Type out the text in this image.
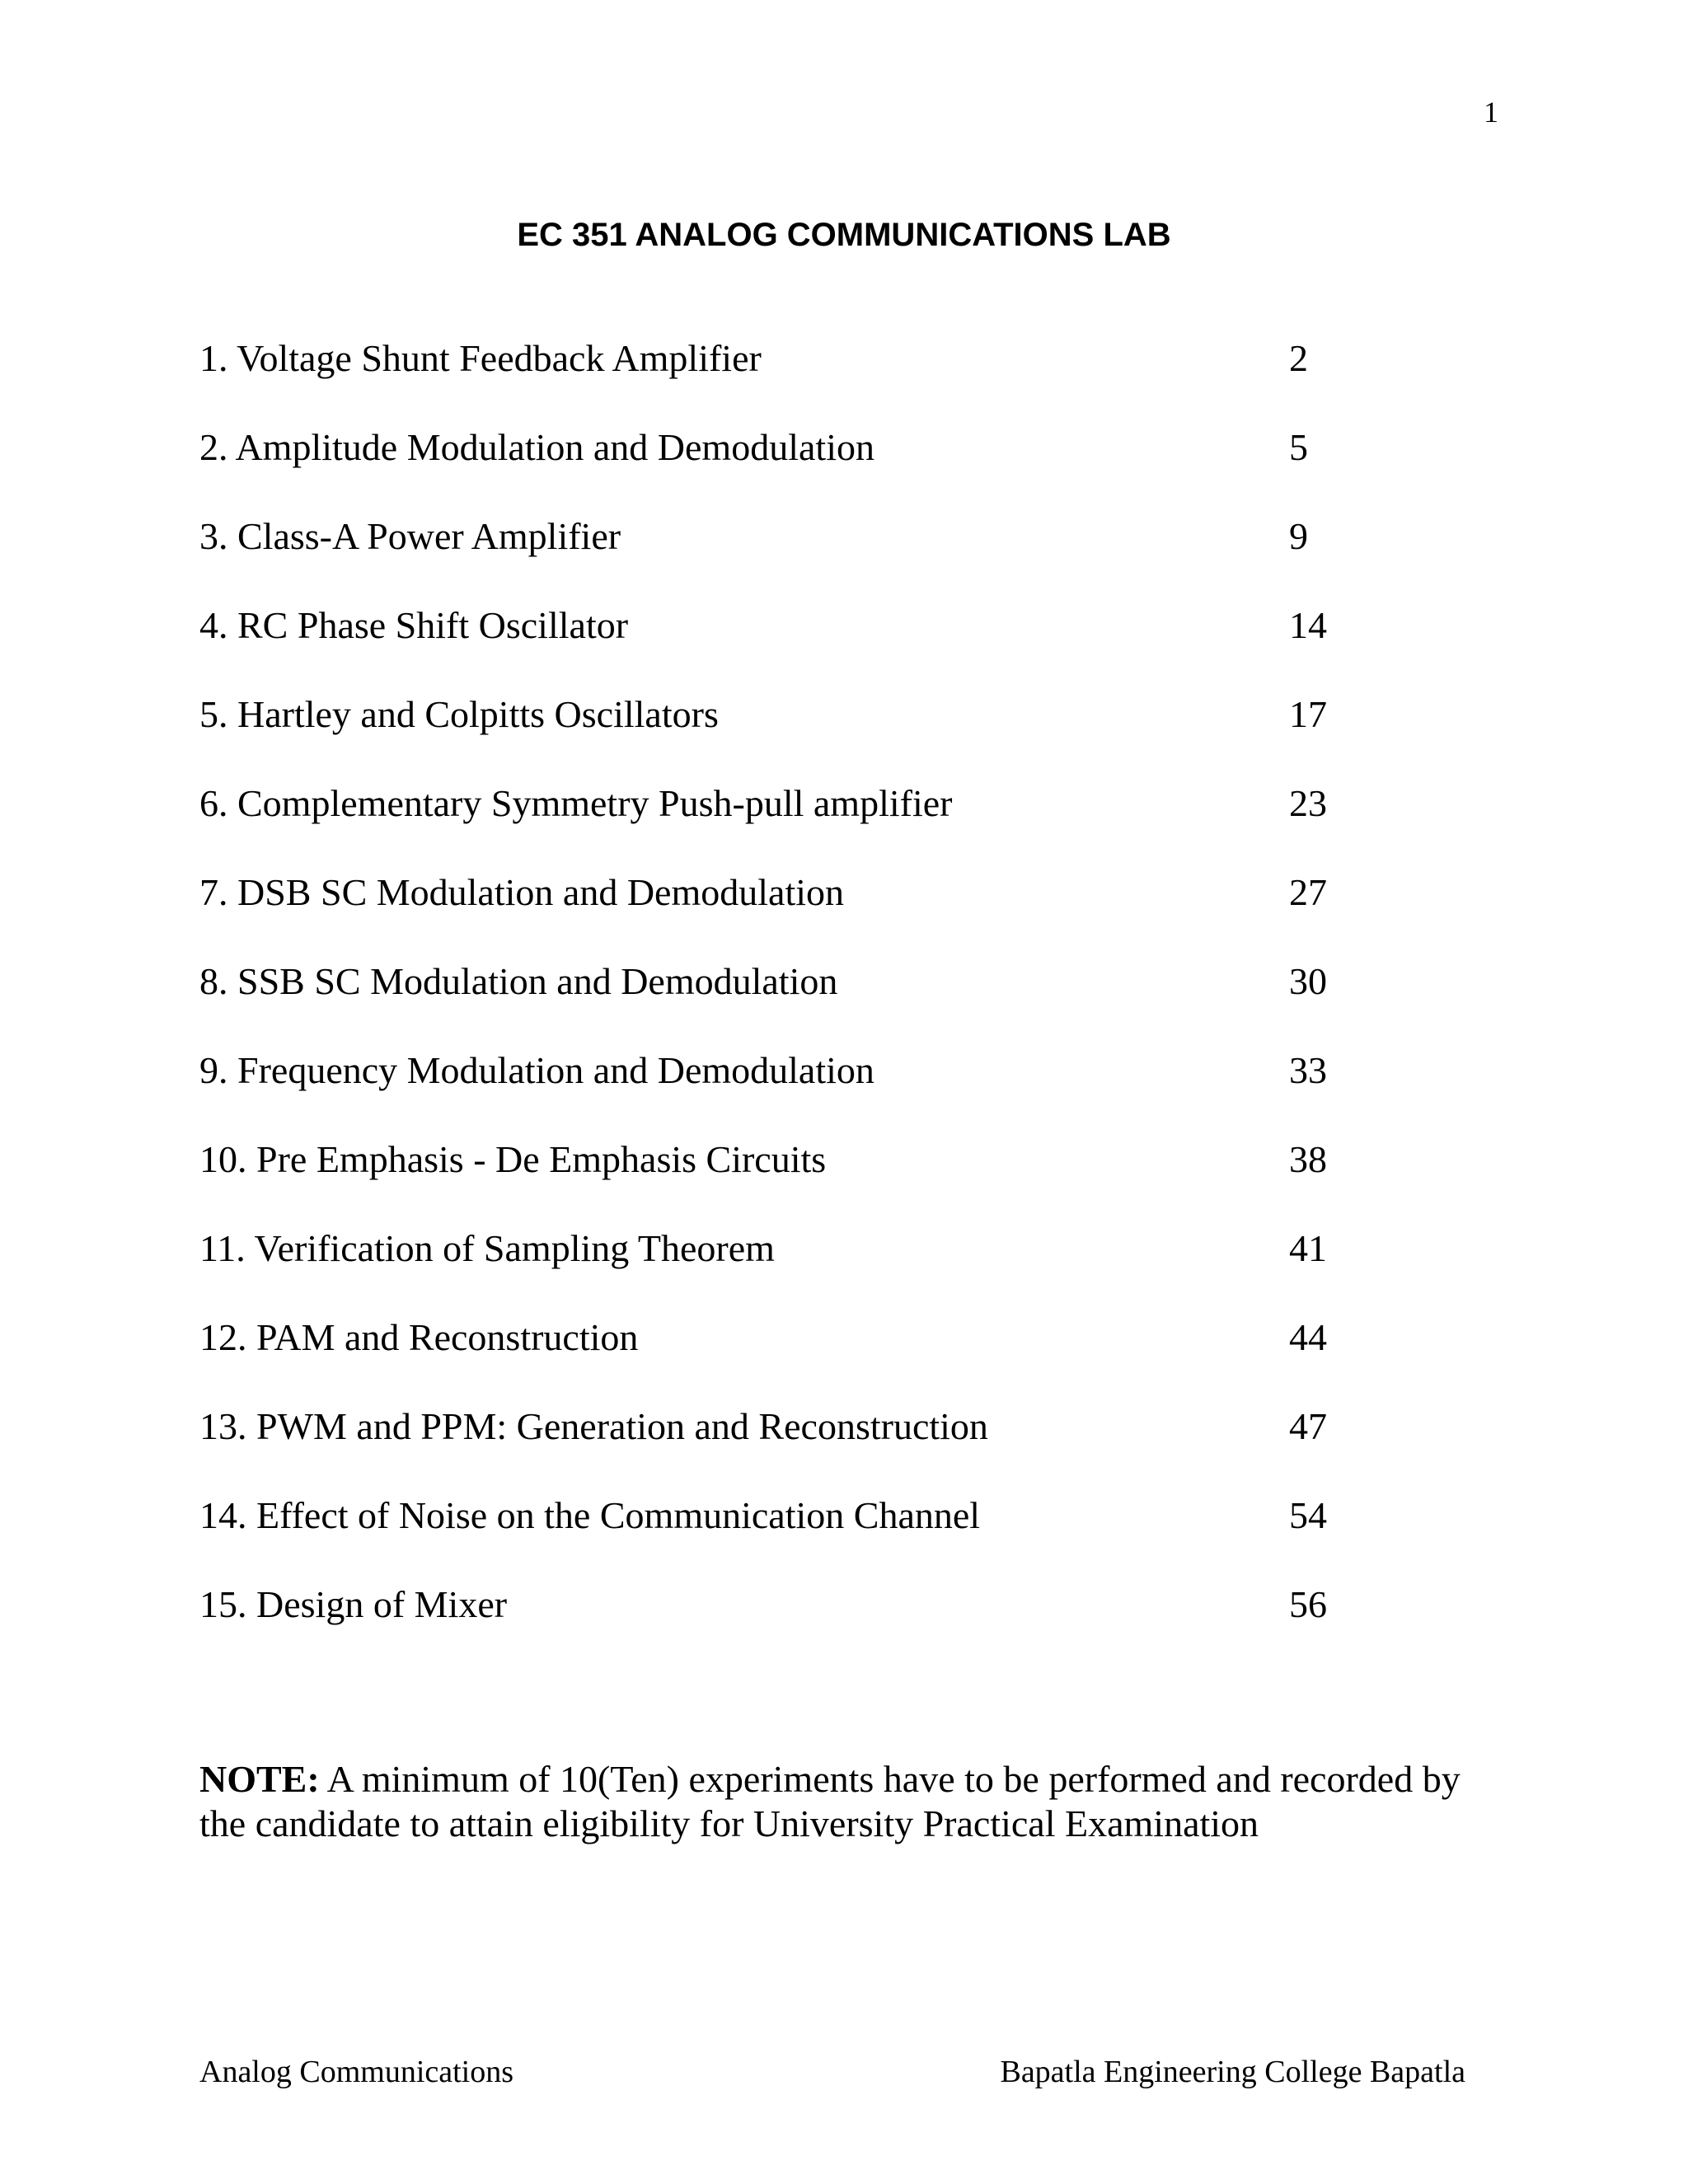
1
EC 351 ANALOG COMMUNICATIONS LAB
1. Voltage Shunt Feedback Amplifier	2
2. Amplitude Modulation and Demodulation	5
3. Class-A Power Amplifier	9
4. RC Phase Shift Oscillator	14
5. Hartley and Colpitts Oscillators	17
6. Complementary Symmetry Push-pull amplifier	23
7. DSB SC Modulation and Demodulation	27
8. SSB SC Modulation and Demodulation	30
9. Frequency Modulation and Demodulation	33
10. Pre Emphasis - De Emphasis Circuits	38
11. Verification of Sampling Theorem	41
12. PAM and Reconstruction	44
13. PWM and PPM: Generation and Reconstruction	47
14. Effect of Noise on the Communication Channel	54
15. Design of Mixer	56

NOTE: A minimum of 10(Ten) experiments have to be performed and recorded by the candidate to attain eligibility for University Practical Examination

Analog Communications	Bapatla Engineering College Bapatla
